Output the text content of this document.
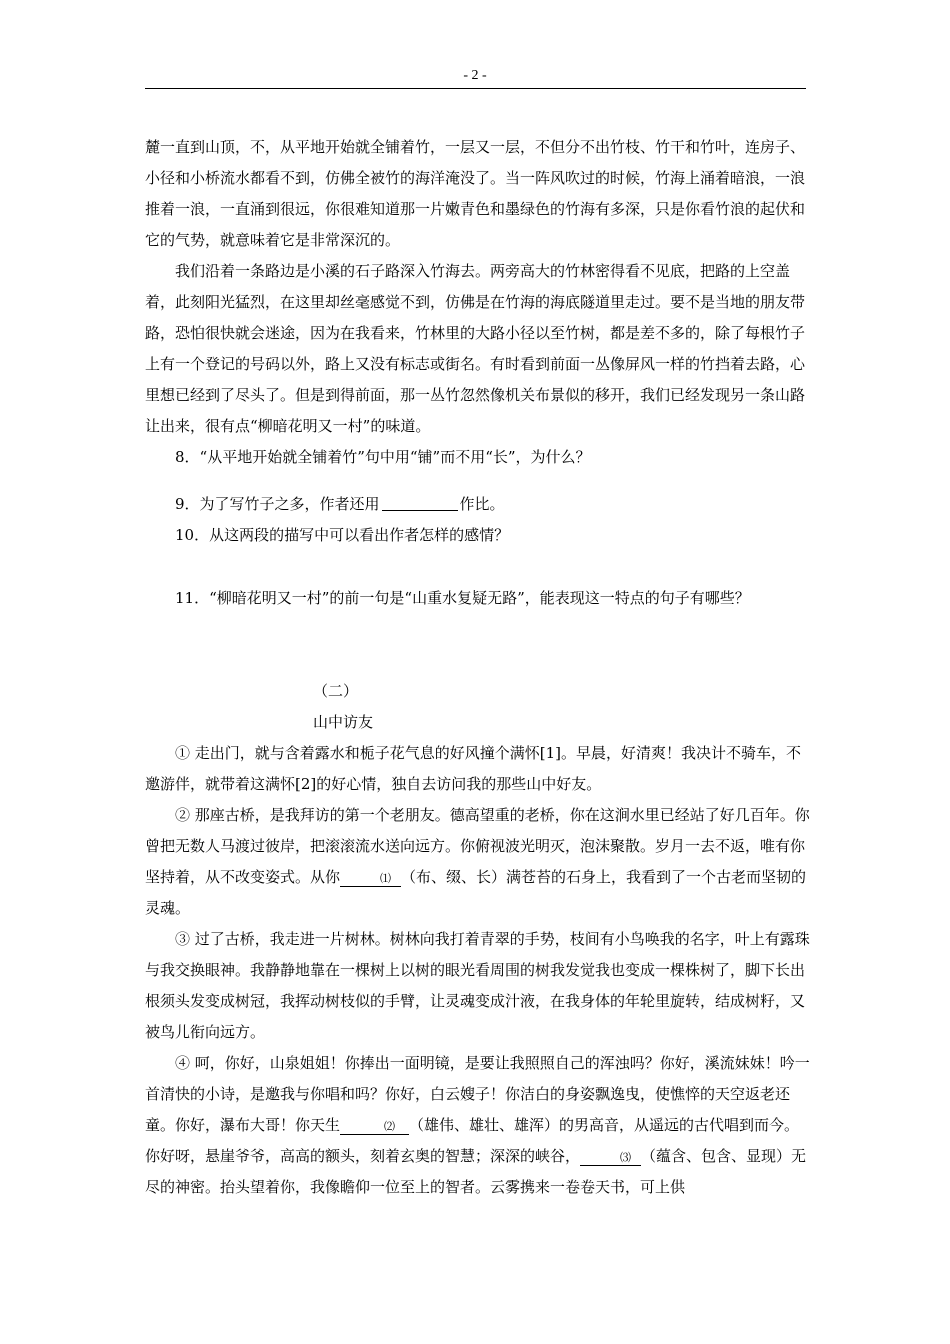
- 2 -

麓一直到山顶，不，从平地开始就全铺着竹，一层又一层，不但分不出竹枝、竹干和竹叶，连房子、小径和小桥流水都看不到，仿佛全被竹的海洋淹没了。当一阵风吹过的时候，竹海上涌着暗浪，一浪推着一浪，一直涌到很远，你很难知道那一片嫩青色和墨绿色的竹海有多深，只是你看竹浪的起伏和它的气势，就意味着它是非常深沉的。

我们沿着一条路边是小溪的石子路深入竹海去。两旁高大的竹林密得看不见底，把路的上空盖着，此刻阳光猛烈，在这里却丝毫感觉不到，仿佛是在竹海的海底隧道里走过。要不是当地的朋友带路，恐怕很快就会迷途，因为在我看来，竹林里的大路小径以至竹树，都是差不多的，除了每根竹子上有一个登记的号码以外，路上又没有标志或街名。有时看到前面一丛像屏风一样的竹挡着去路，心里想已经到了尽头了。但是到得前面，那一丛竹忽然像机关布景似的移开，我们已经发现另一条山路让出来，很有点“柳暗花明又一村”的味道。

8．“从平地开始就全铺着竹”句中用“铺”而不用“长”，为什么？

9．为了写竹子之多，作者还用	作比。

10．从这两段的描写中可以看出作者怎样的感情？

11．“柳暗花明又一村”的前一句是“山重水复疑无路”，能表现这一特点的句子有哪些？

（二）

山中访友

① 走出门，就与含着露水和栀子花气息的好风撞个满怀[1]。早晨，好清爽！我决计不骑车，不邀游伴，就带着这满怀[2]的好心情，独自去访问我的那些山中好友。

② 那座古桥，是我拜访的第一个老朋友。德高望重的老桥，你在这涧水里已经站了好几百年。你曾把无数人马渡过彼岸，把滚滚流水送向远方。你俯视波光明灭，泡沫聚散。岁月一去不返，唯有你坚持着，从不改变姿式。从你	⑴ （布、缀、长）满苍苔的石身上，我看到了一个古老而坚韧的灵魂。

③ 过了古桥，我走进一片树林。树林向我打着青翠的手势，枝间有小鸟唤我的名字，叶上有露珠与我交换眼神。我静静地靠在一棵树上以树的眼光看周围的树我发觉我也变成一棵株树了，脚下长出根须头发变成树冠，我挥动树枝似的手臂，让灵魂变成汁液，在我身体的年轮里旋转，结成树籽，又被鸟儿衔向远方。

④ 呵，你好，山泉姐姐！你捧出一面明镜，是要让我照照自己的浑浊吗？你好，溪流妹妹！吟一首清快的小诗，是邀我与你唱和吗？你好，白云嫂子！你洁白的身姿飘逸曳，使憔悴的天空返老还童。你好，瀑布大哥！你天生	⑵ （雄伟、雄壮、雄浑）的男高音，从遥远的古代唱到而今。你好呀，悬崖爷爷，高高的额头，刻着玄奥的智慧；深深的峡谷，	⑶ （蕴含、包含、显现）无尽的神密。抬头望着你，我像瞻仰一位至上的智者。云雾携来一卷卷天书，可上供
